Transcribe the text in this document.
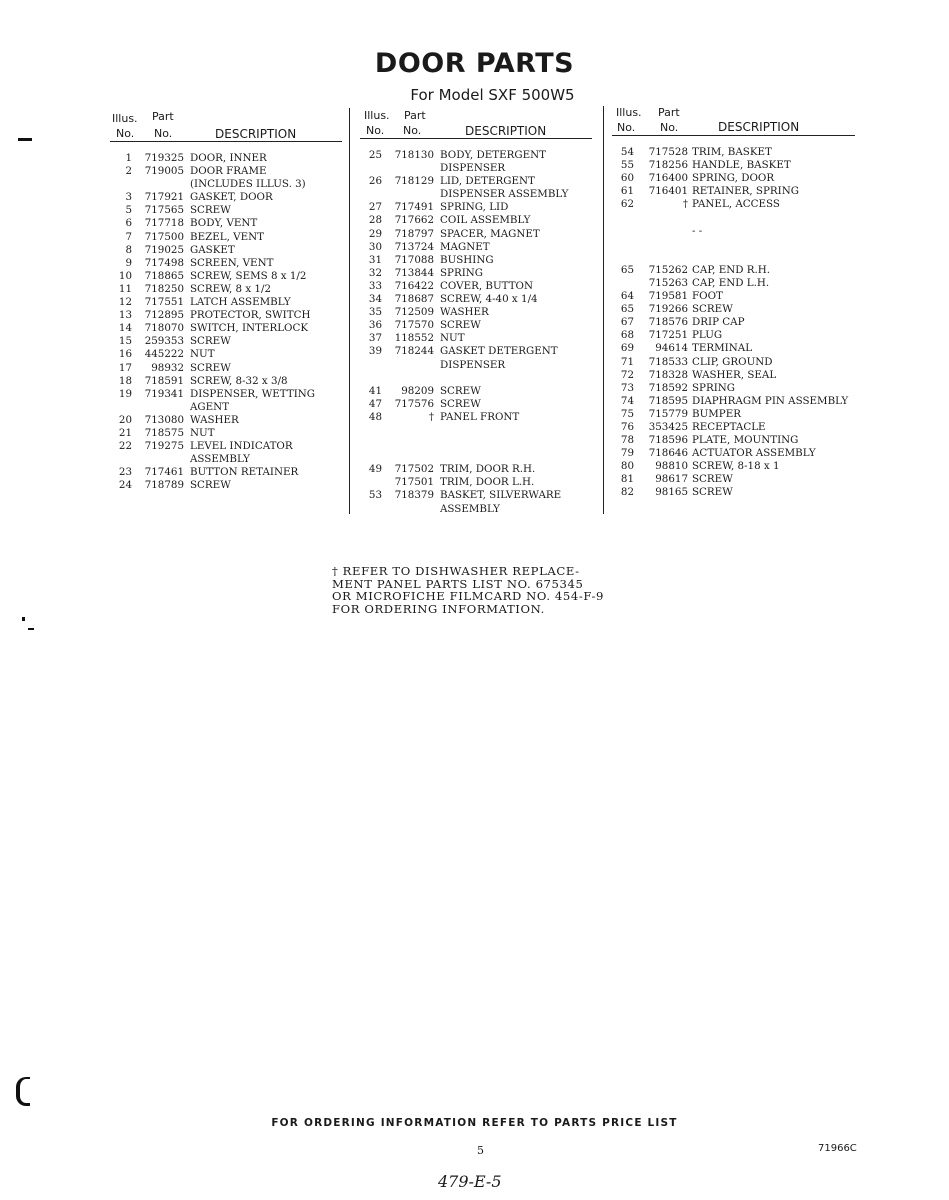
DOOR PARTS
For Model SXF 500W5
Illus. Part
No. No.	DESCRIPTION
1	719325 DOOR, INNER
2	719005 DOOR FRAME
(INCLUDES ILLUS. 3)
3	717921 GASKET, DOOR
5	717565 SCREW
6	717718 BODY, VENT
7	717500 BEZEL, VENT
8	719025 GASKET
9	717498 SCREEN, VENT
10	718865 SCREW, SEMS 8 x 1/2
11	718250 SCREW, 8 x 1/2
12	717551 LATCH ASSEMBLY
13	712895 PROTECTOR, SWITCH
14	718070 SWITCH, INTERLOCK
15	259353 SCREW
16	445222 NUT
17	98932 SCREW
18	718591 SCREW, 8-32 x 3/8
19	719341 DISPENSER, WETTING
AGENT
20	713080 WASHER
21	718575 NUT
22	719275 LEVEL INDICATOR
ASSEMBLY
23	717461 BUTTON RETAINER
24	718789 SCREW
Illus. Part
No. No.	DESCRIPTION
25	718130 BODY, DETERGENT
DISPENSER
26	718129 LID, DETERGENT
DISPENSER ASSEMBLY
27	717491 SPRING, LID
28	717662 COIL ASSEMBLY
29	718797 SPACER, MAGNET
30	713724 MAGNET
31	717088 BUSHING
32	713844 SPRING
33	716422 COVER, BUTTON
34	718687 SCREW, 4-40 x 1/4
35	712509 WASHER
36	717570 SCREW
37	118552 NUT
39	718244 GASKET DETERGENT
DISPENSER
41	98209 SCREW
47	717576 SCREW
48	† PANEL FRONT
49	717502 TRIM, DOOR R.H.
717501 TRIM, DOOR L.H.
53	718379 BASKET, SILVERWARE
ASSEMBLY
Illus. Part
No. No.	DESCRIPTION
54	717528 TRIM, BASKET
55	718256 HANDLE, BASKET
60	716400 SPRING, DOOR
61	716401 RETAINER, SPRING
62	† PANEL, ACCESS
- -
65	715262 CAP, END R.H.
715263 CAP, END L.H.
64	719581 FOOT
65	719266 SCREW
67	718576 DRIP CAP
68	717251 PLUG
69	94614 TERMINAL
71	718533 CLIP, GROUND
72	718328 WASHER, SEAL
73	718592 SPRING
74	718595 DIAPHRAGM PIN ASSEMBLY
75	715779 BUMPER
76	353425 RECEPTACLE
78	718596 PLATE, MOUNTING
79	718646 ACTUATOR ASSEMBLY
80	98810 SCREW, 8-18 x 1
81	98617 SCREW
82	98165 SCREW
† REFER TO DISHWASHER REPLACE-
MENT PANEL PARTS LIST NO. 675345
OR MICROFICHE FILMCARD NO. 454-F-9
FOR ORDERING INFORMATION.
FOR ORDERING INFORMATION REFER TO PARTS PRICE LIST
5	71966C
479-E-5
